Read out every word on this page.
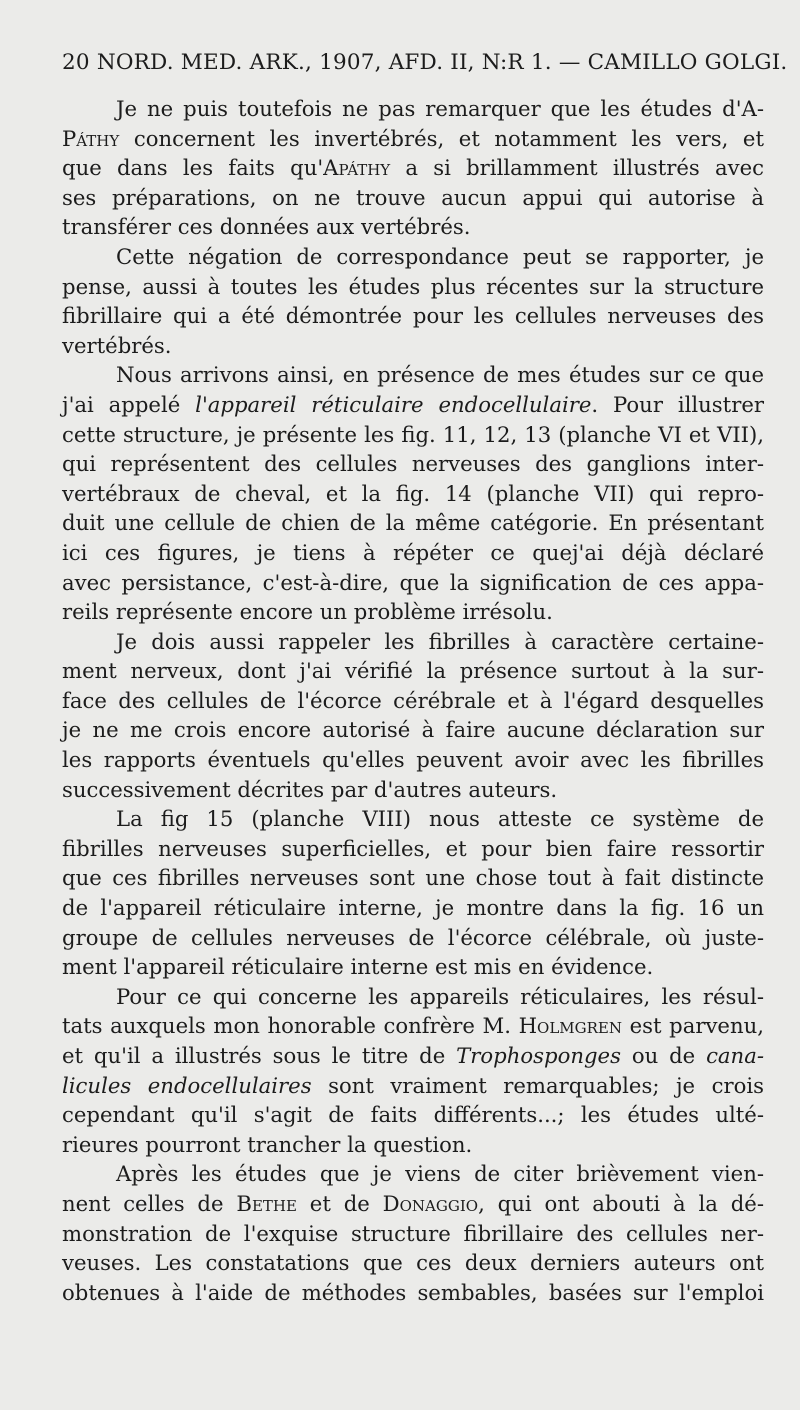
20 NORD. MED. ARK., 1907, AFD. II, N:R 1. — CAMILLO GOLGI.
Je ne puis toutefois ne pas remarquer que les études d'A-
Páthy concernent les invertébrés, et notamment les vers, et
que dans les faits qu'Apáthy a si brillamment illustrés avec
ses préparations, on ne trouve aucun appui qui autorise à
transférer ces données aux vertébrés.
Cette négation de correspondance peut se rapporter, je
pense, aussi à toutes les études plus récentes sur la structure
fibrillaire qui a été démontrée pour les cellules nerveuses des
vertébrés.
Nous arrivons ainsi, en présence de mes études sur ce que
j'ai appelé l'appareil réticulaire endocellulaire. Pour illustrer
cette structure, je présente les fig. 11, 12, 13 (planche VI et VII),
qui représentent des cellules nerveuses des ganglions inter-
vertébraux de cheval, et la fig. 14 (planche VII) qui repro-
duit une cellule de chien de la même catégorie. En présentant
ici ces figures, je tiens à répéter ce quej'ai déjà déclaré
avec persistance, c'est-à-dire, que la signification de ces appa-
reils représente encore un problème irrésolu.
Je dois aussi rappeler les fibrilles à caractère certaine-
ment nerveux, dont j'ai vérifié la présence surtout à la sur-
face des cellules de l'écorce cérébrale et à l'égard desquelles
je ne me crois encore autorisé à faire aucune déclaration sur
les rapports éventuels qu'elles peuvent avoir avec les fibrilles
successivement décrites par d'autres auteurs.
La fig 15 (planche VIII) nous atteste ce système de
fibrilles nerveuses superficielles, et pour bien faire ressortir
que ces fibrilles nerveuses sont une chose tout à fait distincte
de l'appareil réticulaire interne, je montre dans la fig. 16 un
groupe de cellules nerveuses de l'écorce célébrale, où juste-
ment l'appareil réticulaire interne est mis en évidence.
Pour ce qui concerne les appareils réticulaires, les résul-
tats auxquels mon honorable confrère M. Holmgren est parvenu,
et qu'il a illustrés sous le titre de Trophosponges ou de cana-
licules endocellulaires sont vraiment remarquables; je crois
cependant qu'il s'agit de faits différents...; les études ulté-
rieures pourront trancher la question.
Après les études que je viens de citer brièvement vien-
nent celles de Bethe et de Donaggio, qui ont abouti à la dé-
monstration de l'exquise structure fibrillaire des cellules ner-
veuses. Les constatations que ces deux derniers auteurs ont
obtenues à l'aide de méthodes sembables, basées sur l'emploi
